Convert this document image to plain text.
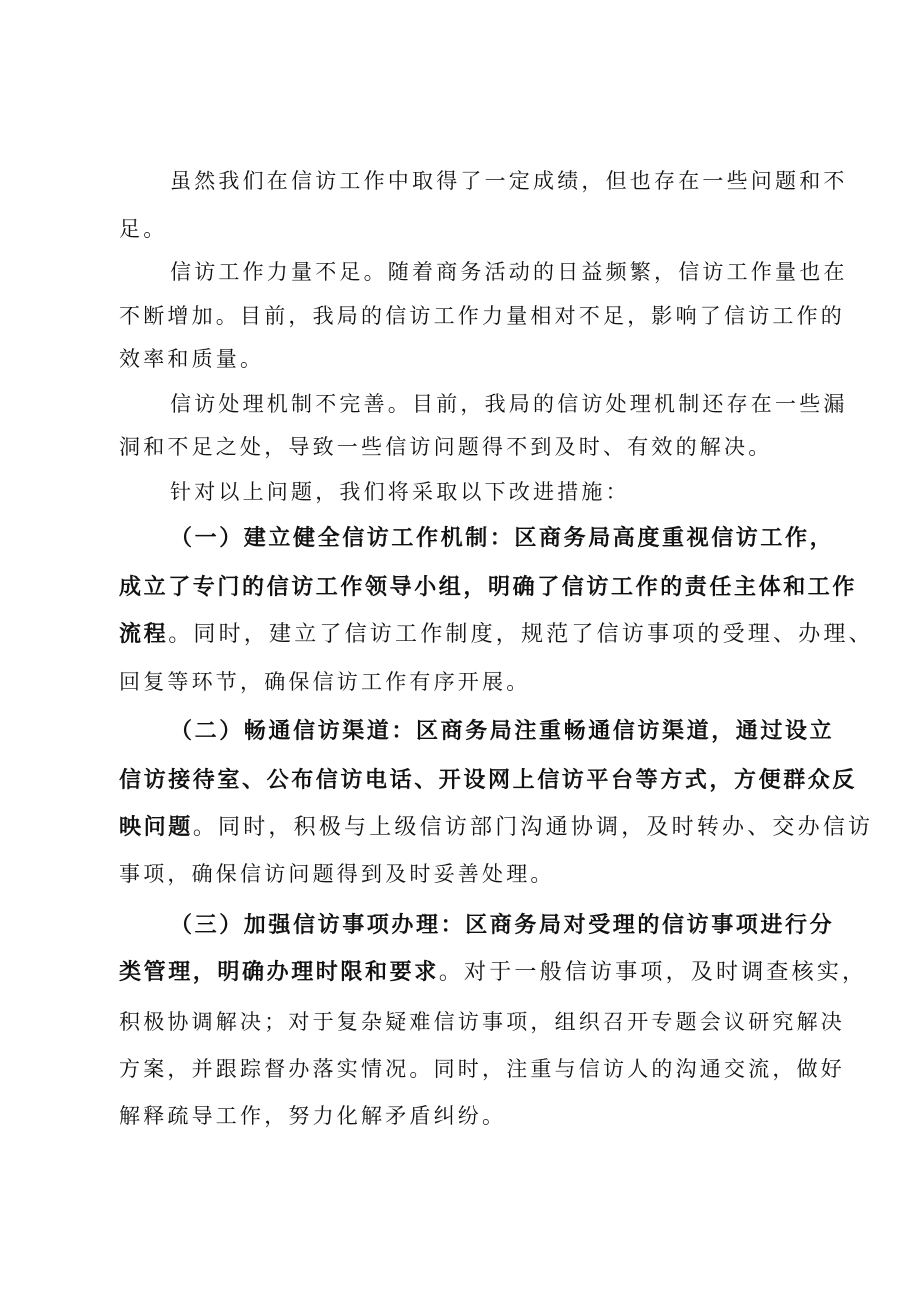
虽然我们在信访工作中取得了一定成绩，但也存在一些问题和不
足。
信访工作力量不足。随着商务活动的日益频繁，信访工作量也在
不断增加。目前，我局的信访工作力量相对不足，影响了信访工作的
效率和质量。
信访处理机制不完善。目前，我局的信访处理机制还存在一些漏
洞和不足之处，导致一些信访问题得不到及时、有效的解决。
针对以上问题，我们将采取以下改进措施：
（一）建立健全信访工作机制：区商务局高度重视信访工作，
成立了专门的信访工作领导小组，明确了信访工作的责任主体和工作
流程。同时，建立了信访工作制度，规范了信访事项的受理、办理、
回复等环节，确保信访工作有序开展。
（二）畅通信访渠道：区商务局注重畅通信访渠道，通过设立
信访接待室、公布信访电话、开设网上信访平台等方式，方便群众反
映问题。同时，积极与上级信访部门沟通协调，及时转办、交办信访
事项，确保信访问题得到及时妥善处理。
（三）加强信访事项办理：区商务局对受理的信访事项进行分
类管理，明确办理时限和要求。对于一般信访事项，及时调查核实，
积极协调解决；对于复杂疑难信访事项，组织召开专题会议研究解决
方案，并跟踪督办落实情况。同时，注重与信访人的沟通交流，做好
解释疏导工作，努力化解矛盾纠纷。
